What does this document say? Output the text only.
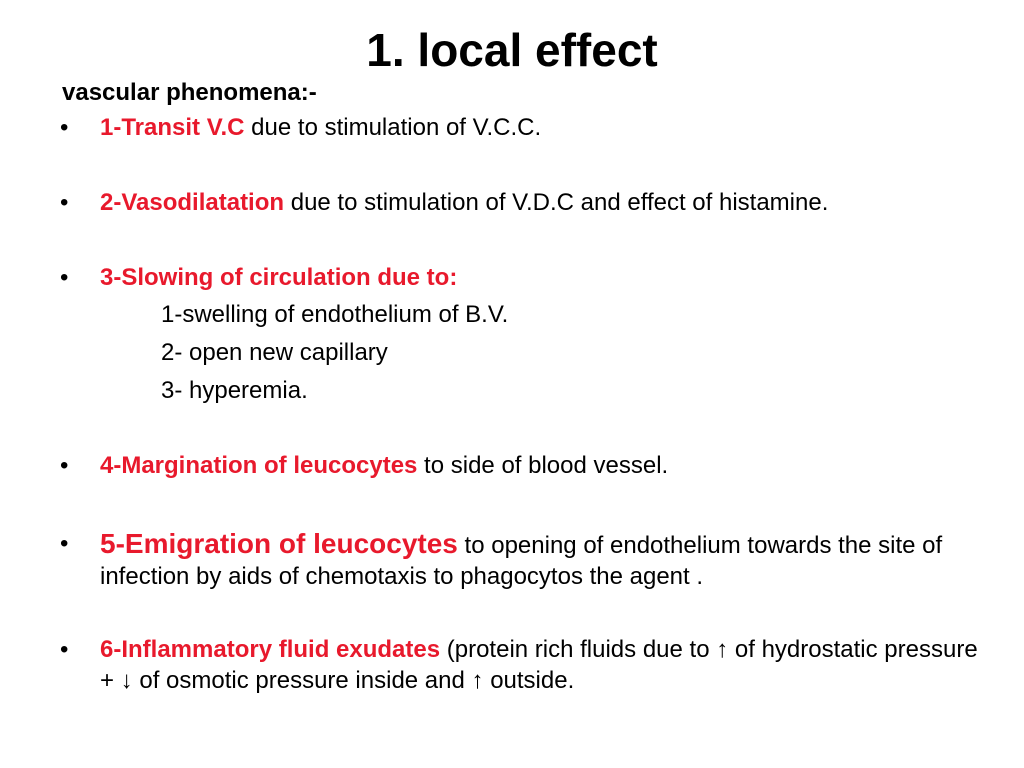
1. local effect
vascular phenomena:-
•	1-Transit V.C due to stimulation of V.C.C.
•	2-Vasodilatation due to stimulation of V.D.C and effect of histamine.
•	3-Slowing of circulation due to:
1-swelling of endothelium of B.V.
2- open new capillary
3- hyperemia.
•	4-Margination of leucocytes to side of blood vessel.
•	5-Emigration of leucocytes to opening of endothelium towards the site of infection by aids of chemotaxis to phagocytos the agent .
•	6-Inflammatory fluid exudates (protein rich fluids due to ↑ of hydrostatic pressure + ↓ of osmotic pressure inside and ↑ outside.
